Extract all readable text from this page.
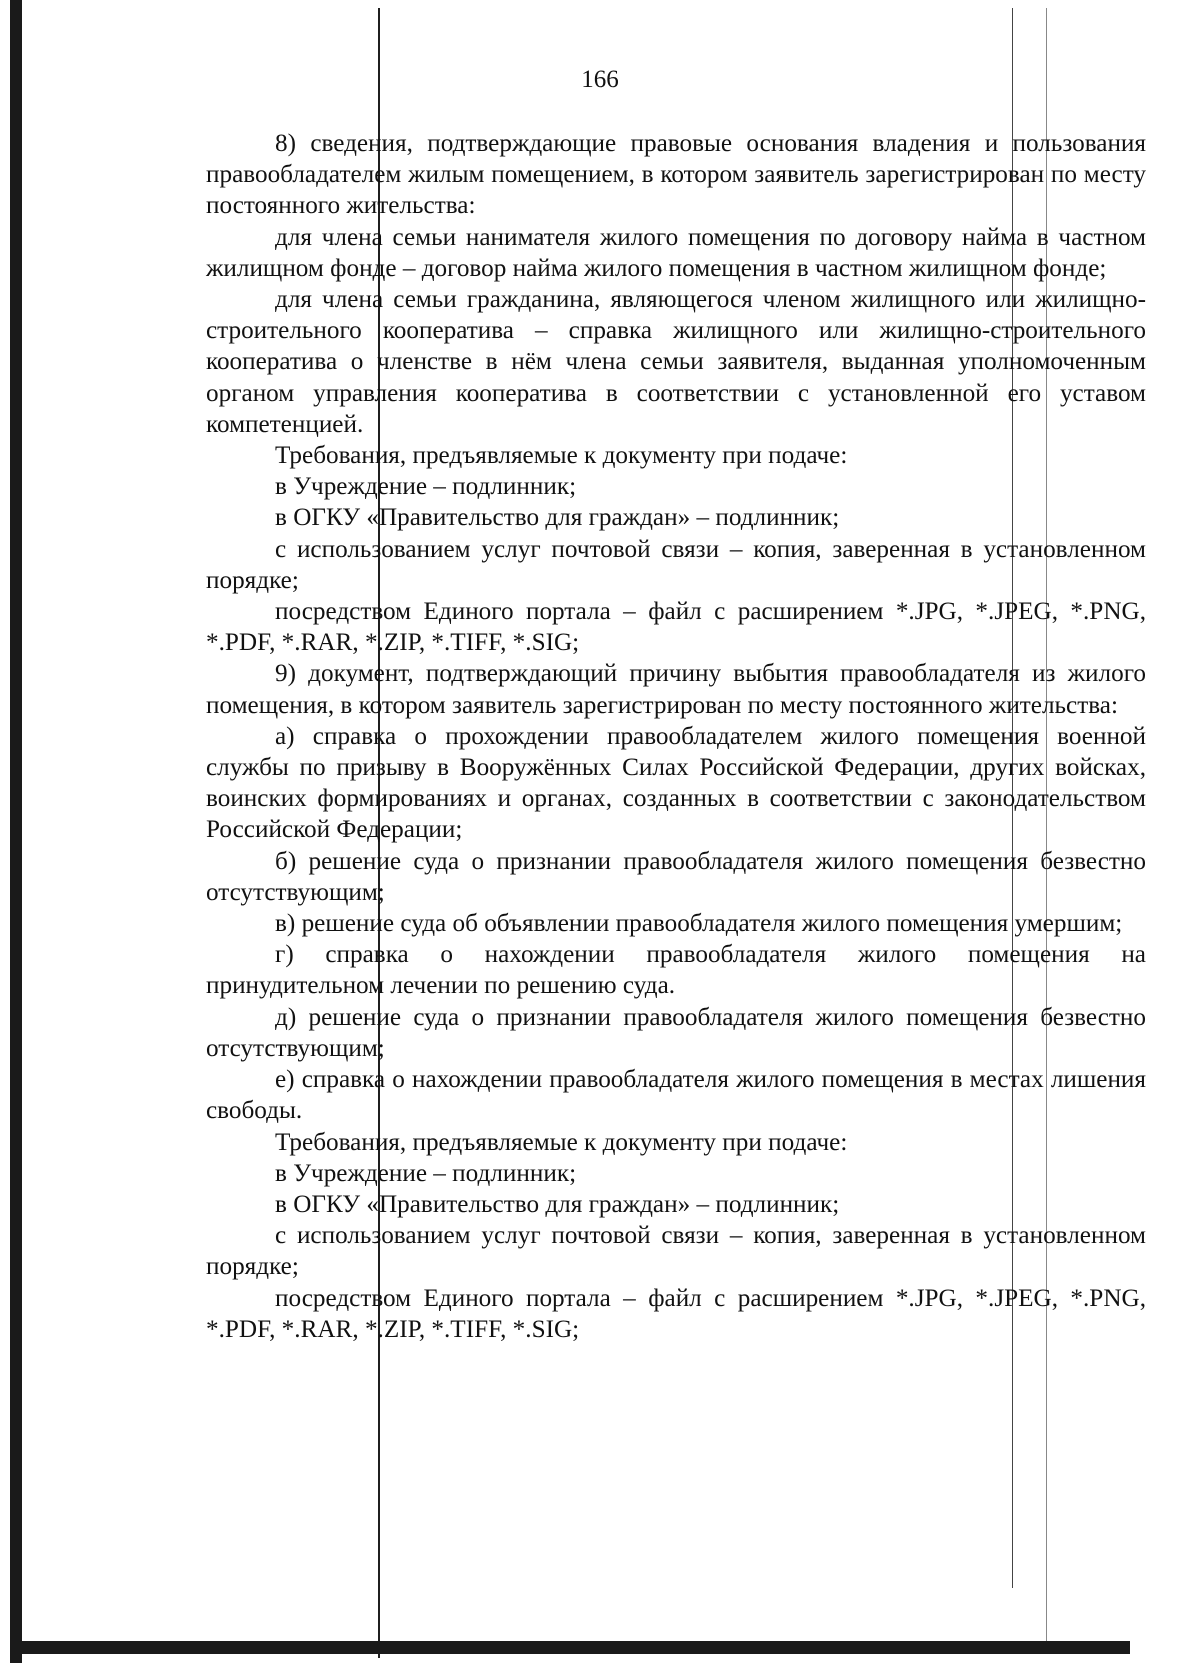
166

8) сведения, подтверждающие правовые основания владения и пользования правообладателем жилым помещением, в котором заявитель зарегистрирован по месту постоянного жительства:

для члена семьи нанимателя жилого помещения по договору найма в частном жилищном фонде – договор найма жилого помещения в частном жилищном фонде;

для члена семьи гражданина, являющегося членом жилищного или жилищно-строительного кооператива – справка жилищного или жилищно-строительного кооператива о членстве в нём члена семьи заявителя, выданная уполномоченным органом управления кооператива в соответствии с установленной его уставом компетенцией.

Требования, предъявляемые к документу при подаче:

в Учреждение – подлинник;

в ОГКУ «Правительство для граждан» – подлинник;

с использованием услуг почтовой связи – копия, заверенная в установленном порядке;

посредством Единого портала – файл с расширением *.JPG, *.JPEG, *.PNG, *.PDF, *.RAR, *.ZIP, *.TIFF, *.SIG;

9) документ, подтверждающий причину выбытия правообладателя из жилого помещения, в котором заявитель зарегистрирован по месту постоянного жительства:

а) справка о прохождении правообладателем жилого помещения военной службы по призыву в Вооружённых Силах Российской Федерации, других войсках, воинских формированиях и органах, созданных в соответствии с законодательством Российской Федерации;

б) решение суда о признании правообладателя жилого помещения безвестно отсутствующим;

в) решение суда об объявлении правообладателя жилого помещения умершим;

г) справка о нахождении правообладателя жилого помещения на принудительном лечении по решению суда.

д) решение суда о признании правообладателя жилого помещения безвестно отсутствующим;

е) справка о нахождении правообладателя жилого помещения в местах лишения свободы.

Требования, предъявляемые к документу при подаче:

в Учреждение – подлинник;

в ОГКУ «Правительство для граждан» – подлинник;

с использованием услуг почтовой связи – копия, заверенная в установленном порядке;

посредством Единого портала – файл с расширением *.JPG, *.JPEG, *.PNG, *.PDF, *.RAR, *.ZIP, *.TIFF, *.SIG;
